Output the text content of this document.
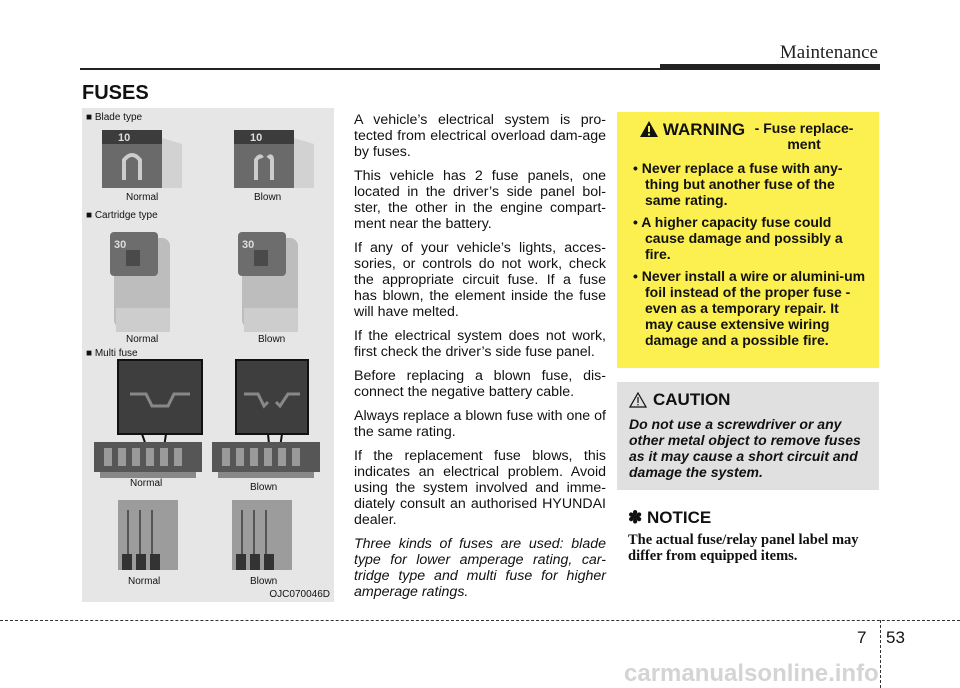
Maintenance
FUSES
10	10
30	30
■ Blade type
Normal	Blown
■ Cartridge type
Normal	Blown
■ Multi fuse
Normal	Blown
Normal	Blown
OJC070046D

A vehicle’s electrical system is pro-tected from electrical overload dam-age by fuses.

This vehicle has 2 fuse panels, one located in the driver’s side panel bol-ster, the other in the engine compart-ment near the battery.

If any of your vehicle’s lights, acces-sories, or controls do not work, check the appropriate circuit fuse. If a fuse has blown, the element inside the fuse will have melted.

If the electrical system does not work, first check the driver’s side fuse panel.

Before replacing a blown fuse, dis-connect the negative battery cable.

Always replace a blown fuse with one of the same rating.

If the replacement fuse blows, this indicates an electrical problem. Avoid using the system involved and imme-diately consult an authorised HYUNDAI dealer.

Three kinds of fuses are used: blade type for lower amperage rating, car-tridge type and multi fuse for higher amperage ratings.

WARNING - Fuse replace-ment
• Never replace a fuse with any-thing but another fuse of the same rating.
• A higher capacity fuse could cause damage and possibly a fire.
• Never install a wire or alumini-um foil instead of the proper fuse - even as a temporary repair. It may cause extensive wiring damage and a possible fire.
CAUTION
Do not use a screwdriver or any other metal object to remove fuses as it may cause a short circuit and damage the system.
✽ NOTICE
The actual fuse/relay panel label may differ from equipped items.
7 53
carmanualsonline.info
